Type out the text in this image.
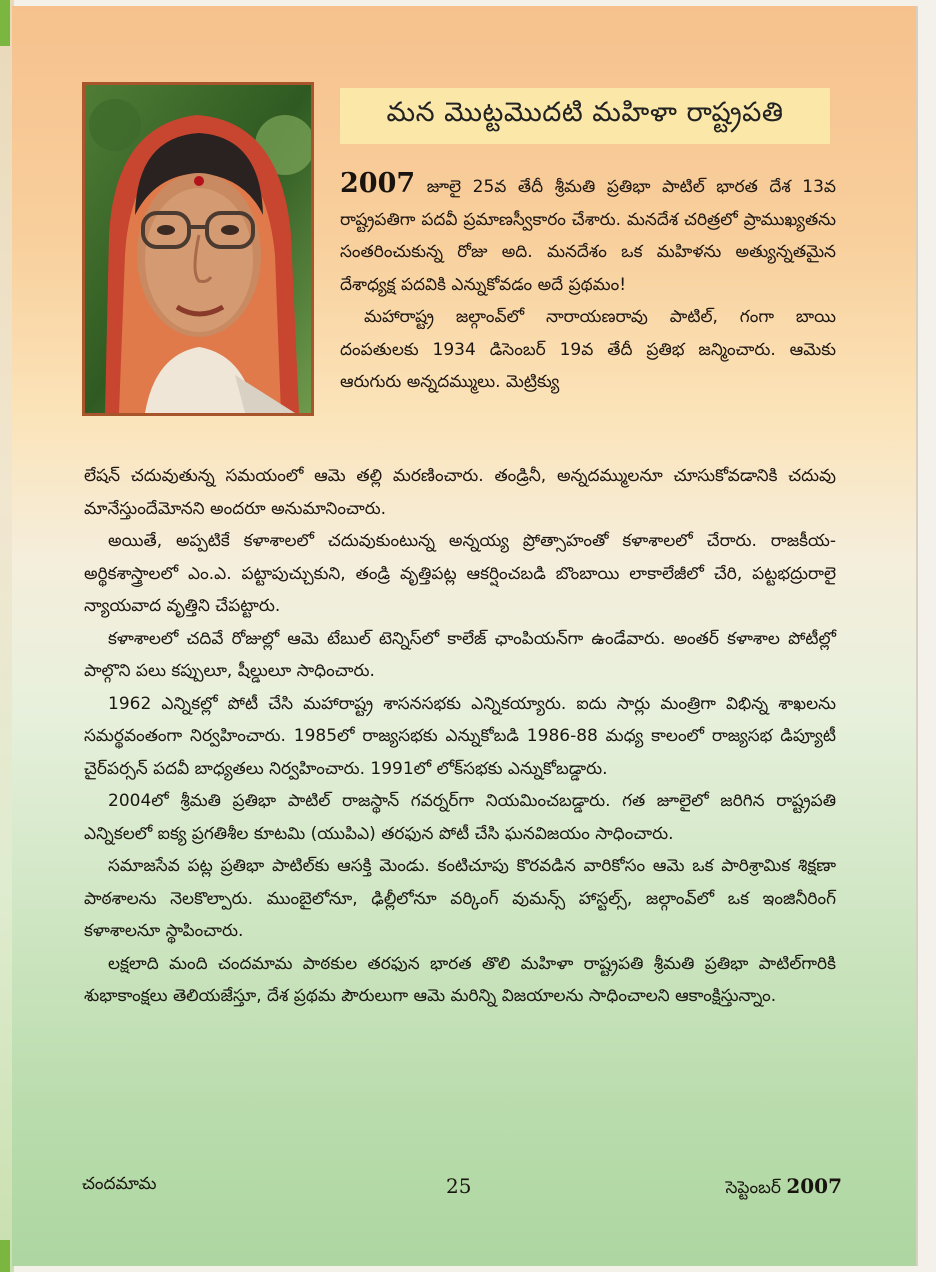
మన మొట్టమొదటి మహిళా రాష్ట్రపతి

2007 జూలై 25వ తేదీ శ్రీమతి ప్రతిభా పాటిల్ భారత దేశ 13వ రాష్ట్రపతిగా పదవీ ప్రమాణస్వీకారం చేశారు. మనదేశ చరిత్రలో ప్రాముఖ్యతను సంతరించుకున్న రోజు అది. మనదేశం ఒక మహిళను అత్యున్నతమైన దేశాధ్యక్ష పదవికి ఎన్నుకోవడం అదే ప్రథమం!

మహారాష్ట్ర జల్గాంవ్‌లో నారాయణరావు పాటిల్, గంగా బాయి దంపతులకు 1934 డిసెంబర్ 19వ తేదీ ప్రతిభ జన్మించారు. ఆమెకు ఆరుగురు అన్నదమ్ములు. మెట్రిక్యు

లేషన్ చదువుతున్న సమయంలో ఆమె తల్లి మరణించారు. తండ్రినీ, అన్నదమ్ములనూ చూసుకోవడానికి చదువు మానేస్తుందేమోనని అందరూ అనుమానించారు.

అయితే, అప్పటికే కళాశాలలో చదువుకుంటున్న అన్నయ్య ప్రోత్సాహంతో కళాశాలలో చేరారు. రాజకీయ-అర్థికశాస్త్రాలలో ఎం.ఎ. పట్టాపుచ్చుకుని, తండ్రి వృత్తిపట్ల ఆకర్షించబడి బొంబాయి లాకాలేజీలో చేరి, పట్టభద్రురాలై న్యాయవాద వృత్తిని చేపట్టారు.

కళాశాలలో చదివే రోజుల్లో ఆమె టేబుల్ టెన్నిస్‌లో కాలేజ్ ఛాంపియన్‌గా ఉండేవారు. అంతర్ కళాశాల పోటీల్లో పాల్గొని పలు కప్పులూ, షీల్డులూ సాధించారు.

1962 ఎన్నికల్లో పోటీ చేసి మహారాష్ట్ర శాసనసభకు ఎన్నికయ్యారు. ఐదు సార్లు మంత్రిగా విభిన్న శాఖలను సమర్థవంతంగా నిర్వహించారు. 1985లో రాజ్యసభకు ఎన్నుకోబడి 1986-88 మధ్య కాలంలో రాజ్యసభ డిప్యూటీ చైర్‌పర్సన్ పదవీ బాధ్యతలు నిర్వహించారు. 1991లో లోక్‌సభకు ఎన్నుకోబడ్డారు.

2004లో శ్రీమతి ప్రతిభా పాటిల్ రాజస్థాన్ గవర్నర్‌గా నియమించబడ్డారు. గత జూలైలో జరిగిన రాష్ట్రపతి ఎన్నికలలో ఐక్య ప్రగతిశీల కూటమి (యుపిఎ) తరఫున పోటీ చేసి ఘనవిజయం సాధించారు.

సమాజసేవ పట్ల ప్రతిభా పాటిల్‌కు ఆసక్తి మెండు. కంటిచూపు కొరవడిన వారికోసం ఆమె ఒక పారిశ్రామిక శిక్షణా పాఠశాలను నెలకొల్పారు. ముంబైలోనూ, ఢిల్లీలోనూ వర్కింగ్ వుమన్స్ హాస్టల్స్, జల్గాంవ్‌లో ఒక ఇంజినీరింగ్ కళాశాలనూ స్థాపించారు.

లక్షలాది మంది చందమామ పాఠకుల తరఫున భారత తొలి మహిళా రాష్ట్రపతి శ్రీమతి ప్రతిభా పాటిల్‌గారికి శుభాకాంక్షలు తెలియజేస్తూ, దేశ ప్రథమ పౌరులుగా ఆమె మరిన్ని విజయాలను సాధించాలని ఆకాంక్షిస్తున్నాం.

చందమామ	25	సెప్టెంబర్ 2007
